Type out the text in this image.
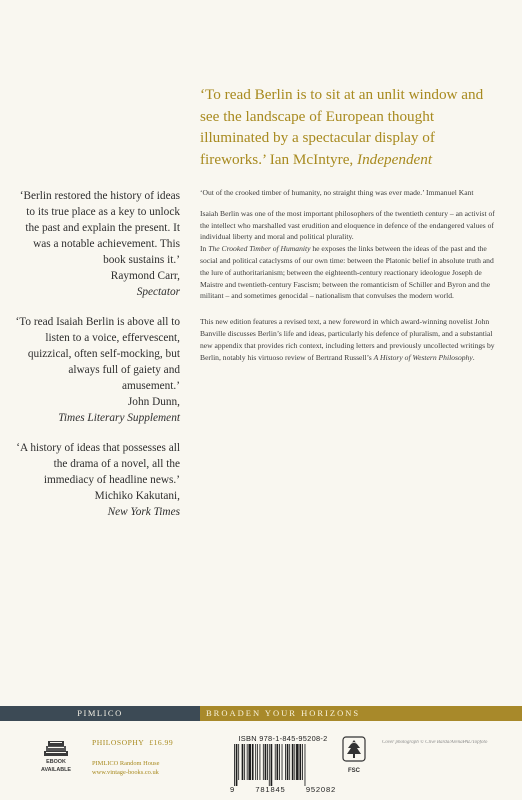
‘To read Berlin is to sit at an unlit window and see the landscape of European thought illuminated by a spectacular display of fireworks.’ Ian McIntyre, Independent
‘Berlin restored the history of ideas to its true place as a key to unlock the past and explain the present. It was a notable achievement. This book sustains it.’
Raymond Carr,
Spectator
‘To read Isaiah Berlin is above all to listen to a voice, effervescent, quizzical, often self-mocking, but always full of gaiety and amusement.’
John Dunn,
Times Literary Supplement
‘A history of ideas that possesses all the drama of a novel, all the immediacy of headline news.’
Michiko Kakutani,
New York Times

‘Out of the crooked timber of humanity, no straight thing was ever made.’ Immanuel Kant

Isaiah Berlin was one of the most important philosophers of the twentieth century – an activist of the intellect who marshalled vast erudition and eloquence in defence of the endangered values of individual liberty and moral and political plurality.

In The Crooked Timber of Humanity he exposes the links between the ideas of the past and the social and political cataclysms of our own time: between the Platonic belief in absolute truth and the lure of authoritarianism; between the eighteenth-century reactionary ideologue Joseph de Maistre and twentieth-century Fascism; between the romanticism of Schiller and Byron and the militant – and sometimes genocidal – nationalism that convulses the modern world.

This new edition features a revised text, a new foreword in which award-winning novelist John Banville discusses Berlin’s life and ideas, particularly his defence of pluralism, and a substantial new appendix that provides rich context, including letters and previously uncollected writings by Berlin, notably his virtuoso review of Bertrand Russell’s A History of Western Philosophy.

PIMLICO	BROADEN YOUR HORIZONS
EBOOK
AVAILABLE
PHILOSOPHY £16.99
PIMLICO Random House
www.vintage-books.co.uk
ISBN 978-1-845-95208-2
9	781845	952082
FSC
Cover photograph © Clive Barda/ArenaPAL/Topfoto
